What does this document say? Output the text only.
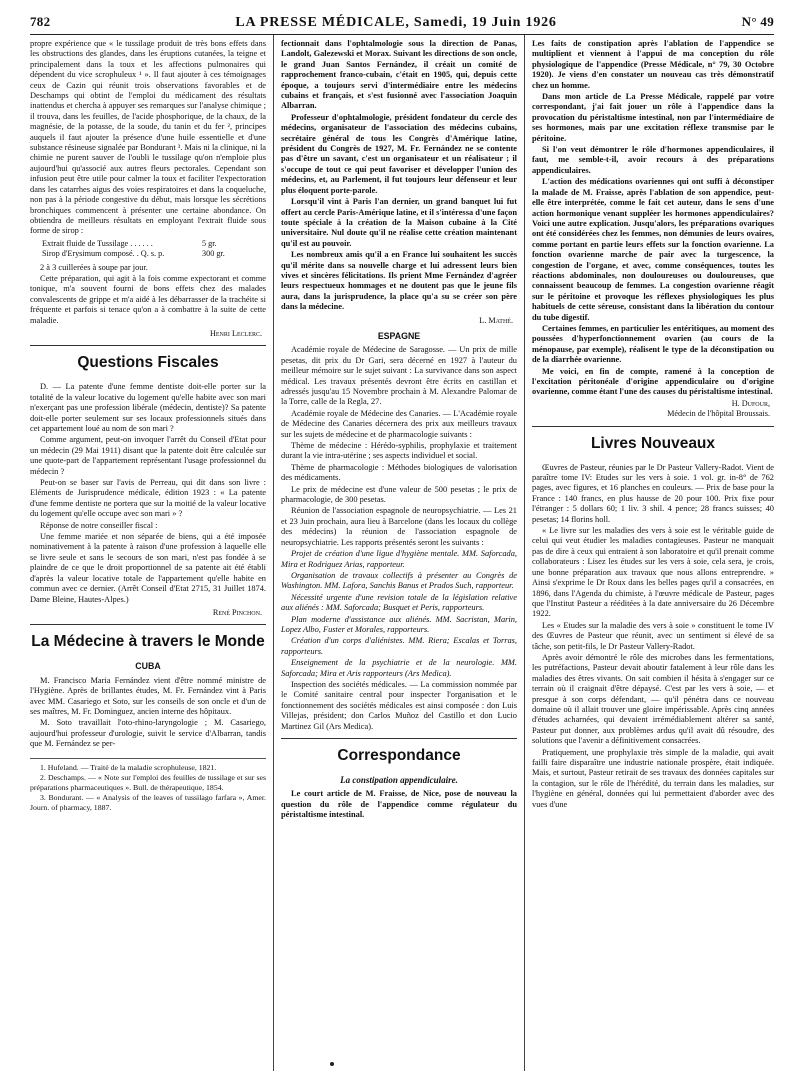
782	LA PRESSE MÉDICALE, Samedi, 19 Juin 1926	N° 49

propre expérience que « le tussilage produit de très bons effets dans les obstructions des glandes, dans les éruptions cutanées, la teigne et principalement dans la toux et les affections pulmonaires qui dépendent du vice scrophuleux ¹ ». Il faut ajouter à ces témoignages ceux de Cazin qui réunit trois observations favorables et de Deschamps qui obtint de l'emploi du médicament des résultats inattendus et chercha à appuyer ses remarques sur l'analyse chimique ; il trouva, dans les feuilles, de l'acide phosphorique, de la chaux, de la magnésie, de la potasse, de la soude, du tanin et du fer ², principes auquels il faut ajouter la présence d'une huile essentielle et d'une substance résineuse signalée par Bondurant ³. Mais ni la clinique, ni la chimie ne purent sauver de l'oubli le tussilage qu'on n'emploie plus aujourd'hui qu'associé aux autres fleurs pectorales. Cependant son infusion peut être utile pour calmer la toux et faciliter l'expectoration dans les catarrhes aigus des voies respiratoires et dans la coqueluche, non pas à la période congestive du début, mais lorsque les sécrétions bronchiques commencent à présenter une certaine abondance. On obtiendra de meilleurs résultats en employant l'extrait fluide sous forme de sirop :

Extrait fluide de Tussilage . . . . . .	5 gr.
Sirop d'Erysimum composé. . Q. s. p.	300 gr.

2 à 3 cuillerées à soupe par jour.

Cette préparation, qui agit à la fois comme expectorant et comme tonique, m'a souvent fourni de bons effets chez des malades convalescents de grippe et m'a aidé à les débarrasser de la trachéite si fréquente et parfois si tenace qu'on a à combattre à la suite de cette maladie.

Henri Leclerc.
Questions Fiscales

D. — La patente d'une femme dentiste doit-elle porter sur la totalité de la valeur locative du logement qu'elle habite avec son mari n'exerçant pas une profession libérale (médecin, dentiste)? Sa patente doit-elle porter seulement sur ses locaux professionnels situés dans cet appartement loué au nom de son mari ?

Comme argument, peut-on invoquer l'arrêt du Conseil d'Etat pour un médecin (29 Mai 1911) disant que la patente doit être calculée sur une quote-part de l'appartement représentant l'usage professionnel du médecin ?

Peut-on se baser sur l'avis de Perreau, qui dit dans son livre : Eléments de Jurisprudence médicale, édition 1923 : « La patente d'une femme dentiste ne portera que sur la moitié de la valeur locative du logement qu'elle occupe avec son mari » ?

Réponse de notre conseiller fiscal :

Une femme mariée et non séparée de biens, qui a été imposée nominativement à la patente à raison d'une profession à laquelle elle se livre seule et sans le secours de son mari, n'est pas fondée à se plaindre de ce que le droit proportionnel de sa patente ait été établi d'après la valeur locative totale de l'appartement qu'elle habite en commun avec ce dernier. (Arrêt Conseil d'Etat 2715, 31 Juillet 1874. Dame Bleine, Hautes-Alpes.)

René Pinchon.
La Médecine à travers le Monde
CUBA

M. Francisco Maria Fernández vient d'être nommé ministre de l'Hygiène. Après de brillantes études, M. Fr. Fernández vint à Paris avec MM. Casariego et Soto, sur les conseils de son oncle et d'un de ses maîtres, M. Fr. Dominguez, ancien interne des hôpitaux.

M. Soto travaillait l'oto-rhino-laryngologie ; M. Casariego, aujourd'hui professeur d'urologie, suivit le service d'Albarran, tandis que M. Fernández se per-

1. Hufeland. — Traité de la maladie scrophuleuse, 1821.

2. Deschamps. — « Note sur l'emploi des feuilles de tussilage et sur ses préparations pharmaceutiques ». Bull. de thérapeutique, 1854.

3. Bondurant. — « Analysis of the leaves of tussilago farfara », Amer. Journ. of pharmacy, 1887.

fectionnait dans l'ophtalmologie sous la direction de Panas, Landolt, Galezewski et Morax. Suivant les directions de son oncle, le grand Juan Santos Fernández, il créait un comité de rapprochement franco-cubain, c'était en 1905, qui, depuis cette époque, a toujours servi d'intermédiaire entre les médecins cubains et français, et s'est fusionné avec l'association Joaquin Albarran.

Professeur d'ophtalmologie, président fondateur du cercle des médecins, organisateur de l'association des médecins cubains, secrétaire général de tous les Congrès d'Amérique latine, président du Congrès de 1927, M. Fr. Fernández ne se contente pas d'être un savant, c'est un organisateur et un réalisateur ; il s'occupe de tout ce qui peut favoriser et développer l'union des médecins, et, au Parlement, il fut toujours leur défenseur et leur plus éloquent porte-parole.

Lorsqu'il vint à Paris l'an dernier, un grand banquet lui fut offert au cercle Paris-Amérique latine, et il s'intéressa d'une façon toute spéciale à la création de la Maison cubaine à la Cité universitaire. Nul doute qu'il ne réalise cette création maintenant qu'il est au pouvoir.

Les nombreux amis qu'il a en France lui souhaitent les succès qu'il mérite dans sa nouvelle charge et lui adressent leurs bien vives et sincères félicitations. Ils prient Mme Fernández d'agréer leurs respectueux hommages et ne doutent pas que le jeune fils aura, dans la jurisprudence, la place qu'a su se créer son père dans la médecine.

L. Mathé.
ESPAGNE

Académie royale de Médecine de Saragosse. — Un prix de mille pesetas, dit prix du Dr Gari, sera décerné en 1927 à l'auteur du meilleur mémoire sur le sujet suivant : La survivance dans son aspect médical. Les travaux présentés devront être écrits en castillan et adressés jusqu'au 15 Novembre prochain à M. Alexandre Palomar de la Torre, calle de la Regla, 27.

Académie royale de Médecine des Canaries. — L'Académie royale de Médecine des Canaries décernera des prix aux meilleurs travaux sur les sujets de médecine et de pharmacologie suivants :

Thème de médecine : Hérédo-syphilis, prophylaxie et traitement durant la vie intra-utérine ; ses aspects individuel et social.

Thème de pharmacologie : Méthodes biologiques de valorisation des médicaments.

Le prix de médecine est d'une valeur de 500 pesetas ; le prix de pharmacologie, de 300 pesetas.

Réunion de l'association espagnole de neuropsychiatrie. — Les 21 et 23 Juin prochain, aura lieu à Barcelone (dans les locaux du collège des médecins) la réunion de l'association espagnole de neuropsychiatrie. Les rapports présentés seront les suivants :

Projet de création d'une ligue d'hygiène mentale. MM. Saforcada, Mira et Rodriguez Arias, rapporteur.

Organisation de travaux collectifs à présenter au Congrès de Washington. MM. Lafora, Sanchis Banus et Prados Such, rapporteur.

Nécessité urgente d'une revision totale de la législation relative aux aliénés : MM. Saforcada; Busquet et Peris, rapporteurs.

Plan moderne d'assistance aux aliénés. MM. Sacristan, Marin, Lopez Albo, Fuster et Morales, rapporteurs.

Création d'un corps d'aliénistes. MM. Riera; Escalas et Torras, rapporteurs.

Enseignement de la psychiatrie et de la neurologie. MM. Saforcada; Mira et Aris rapporteurs (Ars Medica).

Inspection des sociétés médicales. — La commission nommée par le Comité sanitaire central pour inspecter l'organisation et le fonctionnement des sociétés médicales est ainsi composée : don Luis Villejas, président; don Carlos Muñoz del Castillo et don Lucio Martinez Gil (Ars Medica).

Correspondance
La constipation appendiculaire.

Le court article de M. Fraisse, de Nice, pose de nouveau la question du rôle de l'appendice comme régulateur du péristaltisme intestinal.

Les faits de constipation après l'ablation de l'appendice se multiplient et viennent à l'appui de ma conception du rôle physiologique de l'appendice (Presse Médicale, n° 79, 30 Octobre 1920). Je viens d'en constater un nouveau cas très démonstratif chez un homme.

Dans mon article de La Presse Médicale, rappelé par votre correspondant, j'ai fait jouer un rôle à l'appendice dans la provocation du péristaltisme intestinal, non par l'intermédiaire de ses hormones, mais par une excitation réflexe transmise par le péritoine.

Si l'on veut démontrer le rôle d'hormones appendiculaires, il faut, me semble-t-il, avoir recours à des préparations appendiculaires.

L'action des médications ovariennes qui ont suffi à déconstiper la malade de M. Fraisse, après l'ablation de son appendice, peut-elle être interprétée, comme le fait cet auteur, dans le sens d'une action hormonique venant suppléer les hormones appendiculaires? Voici une autre explication. Jusqu'alors, les préparations ovariques ont été considérées chez les femmes, non démunies de leurs ovaires, comme portant en partie leurs effets sur la fonction ovarienne. La fonction ovarienne marche de pair avec la turgescence, la congestion de l'organe, et avec, comme conséquences, toutes les réactions abdominales, non douloureuses ou douloureuses, que connaissent beaucoup de femmes. La congestion ovarienne réagit sur le péritoine et provoque les réflexes physiologiques les plus habituels de cette séreuse, consistant dans la libération du contour du tube digestif.

Certaines femmes, en particulier les entéritiques, au moment des poussées d'hyperfonctionnement ovarien (au cours de la ménopause, par exemple), réalisent le type de la déconstipation ou de la diarrhée ovarienne.

Me voici, en fin de compte, ramené à la conception de l'excitation péritonéale d'origine appendiculaire ou d'origine ovarienne, comme étant l'une des causes du péristaltisme intestinal.

H. Dufour,
Médecin de l'hôpital Broussais.
Livres Nouveaux

Œuvres de Pasteur, réunies par le Dr Pasteur Vallery-Radot. Vient de paraître tome IV: Etudes sur les vers à soie. 1 vol. gr. in-8° de 762 pages, avec figures, et 16 planches en couleurs. — Prix de base pour la France : 140 francs, en plus hausse de 20 pour 100. Prix fixe pour l'étranger : 5 dollars 60; 1 liv. 3 shil. 4 pence; 28 francs suisses; 40 pesetas; 14 florins holl.

« Le livre sur les maladies des vers à soie est le véritable guide de celui qui veut étudier les maladies contagieuses. Pasteur ne manquait pas de dire à ceux qui entraient à son laboratoire et qu'il prenait comme collaborateurs : Lisez les études sur les vers à soie, cela sera, je crois, une bonne préparation aux travaux que nous allons entreprendre. » Ainsi s'exprime le Dr Roux dans les belles pages qu'il a consacrées, en 1896, dans l'Agenda du chimiste, à l'œuvre médicale de Pasteur, pages que l'Institut Pasteur a rééditées à la date anniversaire du 26 Décembre 1922.

Les « Etudes sur la maladie des vers à soie » constituent le tome IV des Œuvres de Pasteur que réunit, avec un sentiment si élevé de sa tâche, son petit-fils, le Dr Pasteur Vallery-Radot.

Après avoir démontré le rôle des microbes dans les fermentations, les putréfactions, Pasteur devait aboutir fatalement à leur rôle dans les maladies des êtres vivants. On sait combien il hésita à s'engager sur ce terrain où il craignait d'être dépaysé. C'est par les vers à soie, — et presque à son corps défendant, — qu'il pénétra dans ce nouveau domaine où il allait trouver une gloire impérissable. Après cinq années d'études acharnées, qui devaient irrémédiablement altérer sa santé, Pasteur put donner, aux problèmes ardus qu'il avait dû résoudre, des solutions que l'avenir a définitivement consacrées.

Pratiquement, une prophylaxie très simple de la maladie, qui avait failli faire disparaître une industrie nationale prospère, était indiquée. Mais, et surtout, Pasteur retirait de ses travaux des données capitales sur la contagion, sur le rôle de l'hérédité, du terrain dans les maladies, sur l'hygiène en général, données qui lui permettaient d'aborder avec des vues d'une
